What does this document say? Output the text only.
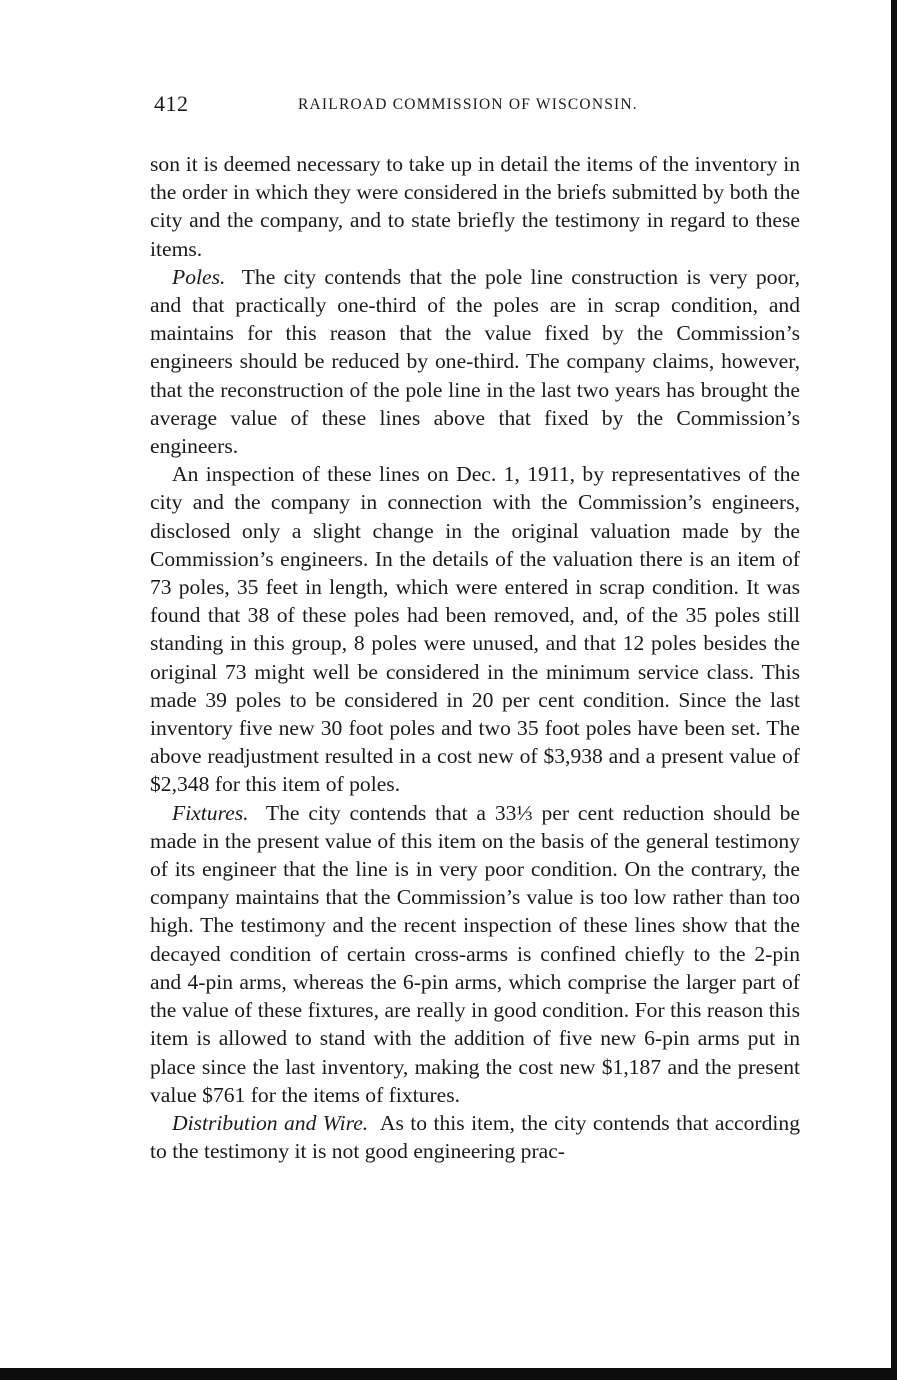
412	RAILROAD COMMISSION OF WISCONSIN.

son it is deemed necessary to take up in detail the items of the inventory in the order in which they were considered in the briefs submitted by both the city and the company, and to state briefly the testimony in regard to these items.

Poles. The city contends that the pole line construction is very poor, and that practically one-third of the poles are in scrap condition, and maintains for this reason that the value fixed by the Commission’s engineers should be reduced by one-third. The company claims, however, that the reconstruction of the pole line in the last two years has brought the average value of these lines above that fixed by the Commission’s engineers.

An inspection of these lines on Dec. 1, 1911, by representatives of the city and the company in connection with the Commission’s engineers, disclosed only a slight change in the original valuation made by the Commission’s engineers. In the details of the valuation there is an item of 73 poles, 35 feet in length, which were entered in scrap condition. It was found that 38 of these poles had been removed, and, of the 35 poles still standing in this group, 8 poles were unused, and that 12 poles besides the original 73 might well be considered in the minimum service class. This made 39 poles to be considered in 20 per cent condition. Since the last inventory five new 30 foot poles and two 35 foot poles have been set. The above readjustment resulted in a cost new of $3,938 and a present value of $2,348 for this item of poles.

Fixtures. The city contends that a 33⅓ per cent reduction should be made in the present value of this item on the basis of the general testimony of its engineer that the line is in very poor condition. On the contrary, the company maintains that the Commission’s value is too low rather than too high. The testimony and the recent inspection of these lines show that the decayed condition of certain cross-arms is confined chiefly to the 2-pin and 4-pin arms, whereas the 6-pin arms, which comprise the larger part of the value of these fixtures, are really in good condition. For this reason this item is allowed to stand with the addition of five new 6-pin arms put in place since the last inventory, making the cost new $1,187 and the present value $761 for the items of fixtures.

Distribution and Wire. As to this item, the city contends that according to the testimony it is not good engineering prac-
